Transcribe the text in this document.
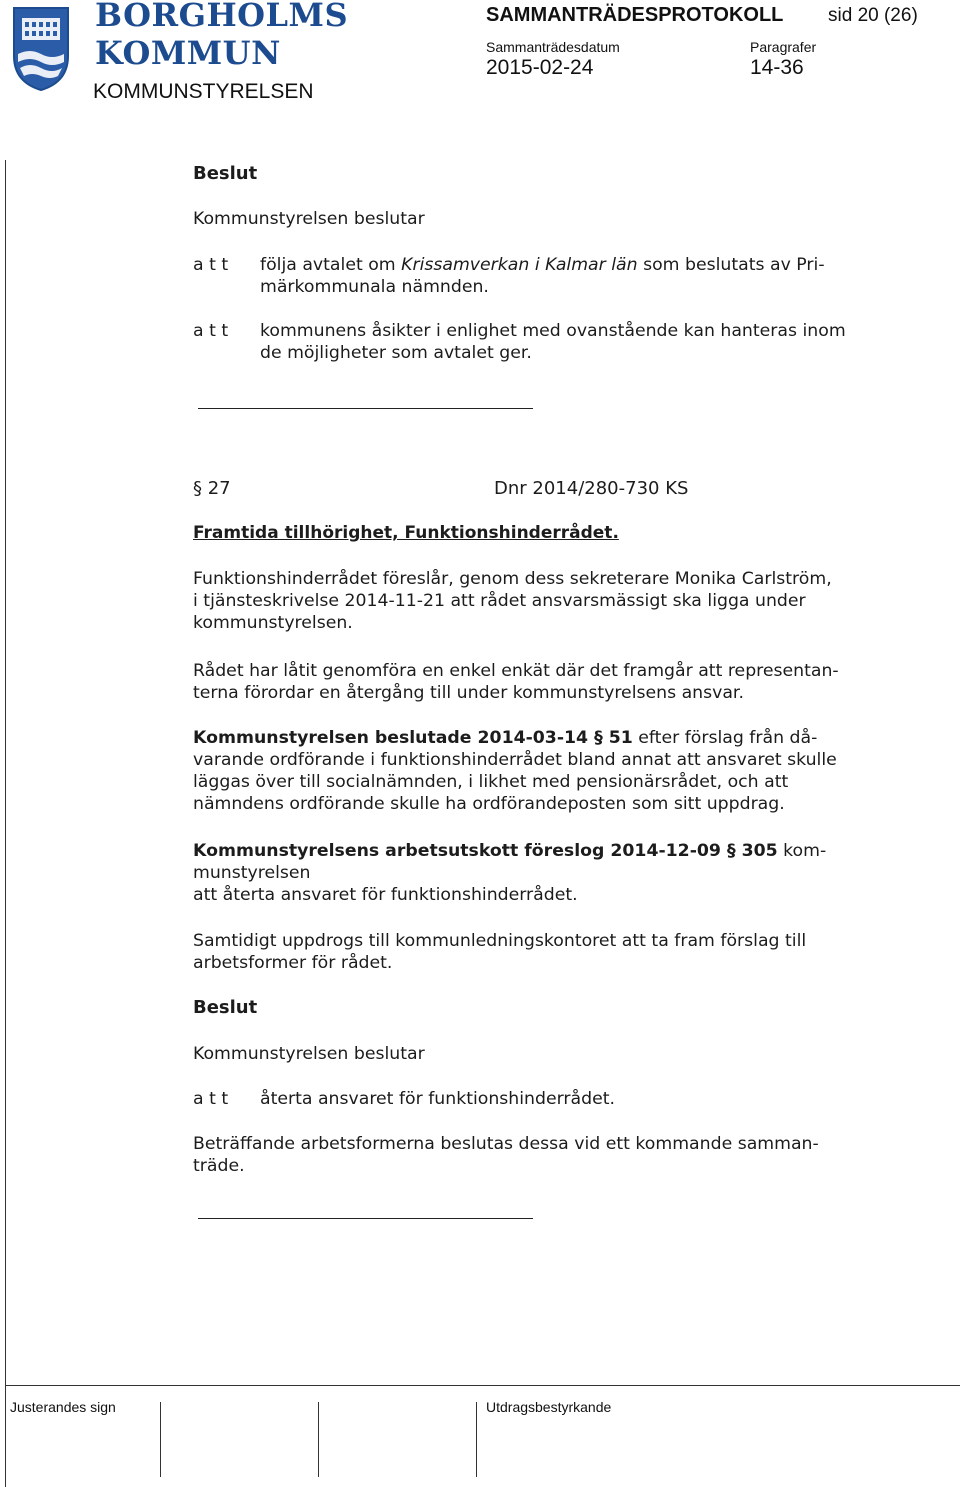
BORGHOLMS
KOMMUN
KOMMUNSTYRELSEN
SAMMANTRÄDESPROTOKOLL sid 20 (26)
Sammanträdesdatum	Paragrafer
2015-02-24	14-36
Beslut
Kommunstyrelsen beslutar
a t t	följa avtalet om Krissamverkan i Kalmar län som beslutats av Pri-
märkommunala nämnden.
a t t	kommunens åsikter i enlighet med ovanstående kan hanteras inom
de möjligheter som avtalet ger.
§ 27	Dnr 2014/280-730 KS
Framtida tillhörighet, Funktionshinderrådet.
Funktionshinderrådet föreslår, genom dess sekreterare Monika Carlström,
i tjänsteskrivelse 2014-11-21 att rådet ansvarsmässigt ska ligga under
kommunstyrelsen.
Rådet har låtit genomföra en enkel enkät där det framgår att representan-
terna förordar en återgång till under kommunstyrelsens ansvar.
Kommunstyrelsen beslutade 2014-03-14 § 51 efter förslag från då-
varande ordförande i funktionshinderrådet bland annat att ansvaret skulle
läggas över till socialnämnden, i likhet med pensionärsrådet, och att
nämndens ordförande skulle ha ordförandeposten som sitt uppdrag.
Kommunstyrelsens arbetsutskott föreslog 2014-12-09 § 305 kom-
munstyrelsen
att återta ansvaret för funktionshinderrådet.
Samtidigt uppdrogs till kommunledningskontoret att ta fram förslag till
arbetsformer för rådet.
Beslut
Kommunstyrelsen beslutar
a t t	återta ansvaret för funktionshinderrådet.
Beträffande arbetsformerna beslutas dessa vid ett kommande samman-
träde.
Justerandes sign	Utdragsbestyrkande
